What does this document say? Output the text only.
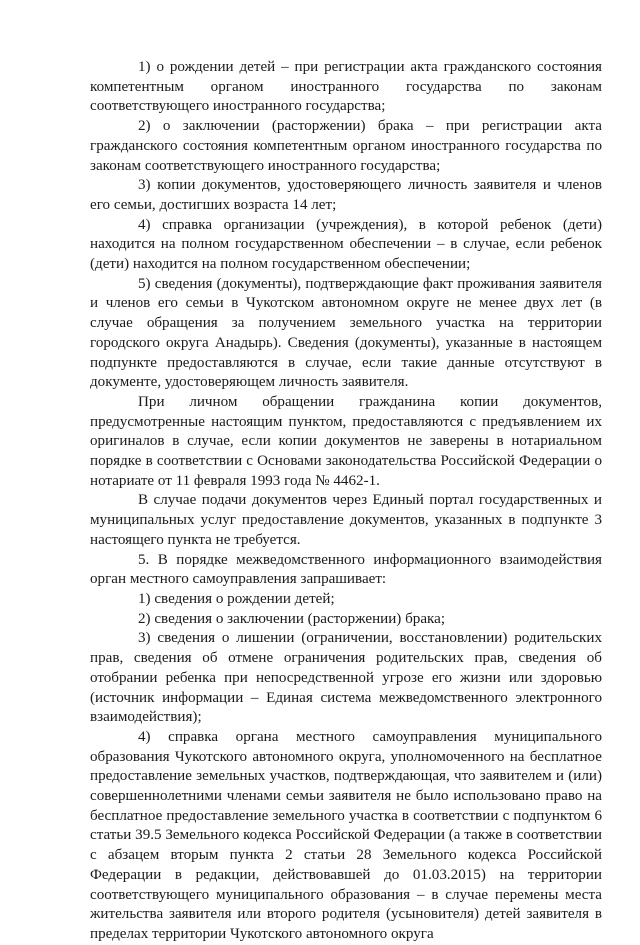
1) о рождении детей – при регистрации акта гражданского состояния компетентным органом иностранного государства по законам соответствующего иностранного государства;

2) о заключении (расторжении) брака – при регистрации акта гражданского состояния компетентным органом иностранного государства по законам соответствующего иностранного государства;

3) копии документов, удостоверяющего личность заявителя и членов его семьи, достигших возраста 14 лет;

4) справка организации (учреждения), в которой ребенок (дети) находится на полном государственном обеспечении – в случае, если ребенок (дети) находится на полном государственном обеспечении;

5) сведения (документы), подтверждающие факт проживания заявителя и членов его семьи в Чукотском автономном округе не менее двух лет (в случае обращения за получением земельного участка на территории городского округа Анадырь). Сведения (документы), указанные в настоящем подпункте предоставляются в случае, если такие данные отсутствуют в документе, удостоверяющем личность заявителя.

При личном обращении гражданина копии документов, предусмотренные настоящим пунктом, предоставляются с предъявлением их оригиналов в случае, если копии документов не заверены в нотариальном порядке в соответствии с Основами законодательства Российской Федерации о нотариате от 11 февраля 1993 года № 4462-1.

В случае подачи документов через Единый портал государственных и муниципальных услуг предоставление документов, указанных в подпункте 3 настоящего пункта не требуется.

5. В порядке межведомственного информационного взаимодействия орган местного самоуправления запрашивает:

1) сведения о рождении детей;

2) сведения о заключении (расторжении) брака;

3) сведения о лишении (ограничении, восстановлении) родительских прав, сведения об отмене ограничения родительских прав, сведения об отобрании ребенка при непосредственной угрозе его жизни или здоровью (источник информации – Единая система межведомственного электронного взаимодействия);

4) справка органа местного самоуправления муниципального образования Чукотского автономного округа, уполномоченного на бесплатное предоставление земельных участков, подтверждающая, что заявителем и (или) совершеннолетними членами семьи заявителя не было использовано право на бесплатное предоставление земельного участка в соответствии с подпунктом 6 статьи 39.5 Земельного кодекса Российской Федерации (а также в соответствии с абзацем вторым пункта 2 статьи 28 Земельного кодекса Российской Федерации в редакции, действовавшей до 01.03.2015) на территории соответствующего муниципального образования – в случае перемены места жительства заявителя или второго родителя (усыновителя) детей заявителя в пределах территории Чукотского автономного округа
